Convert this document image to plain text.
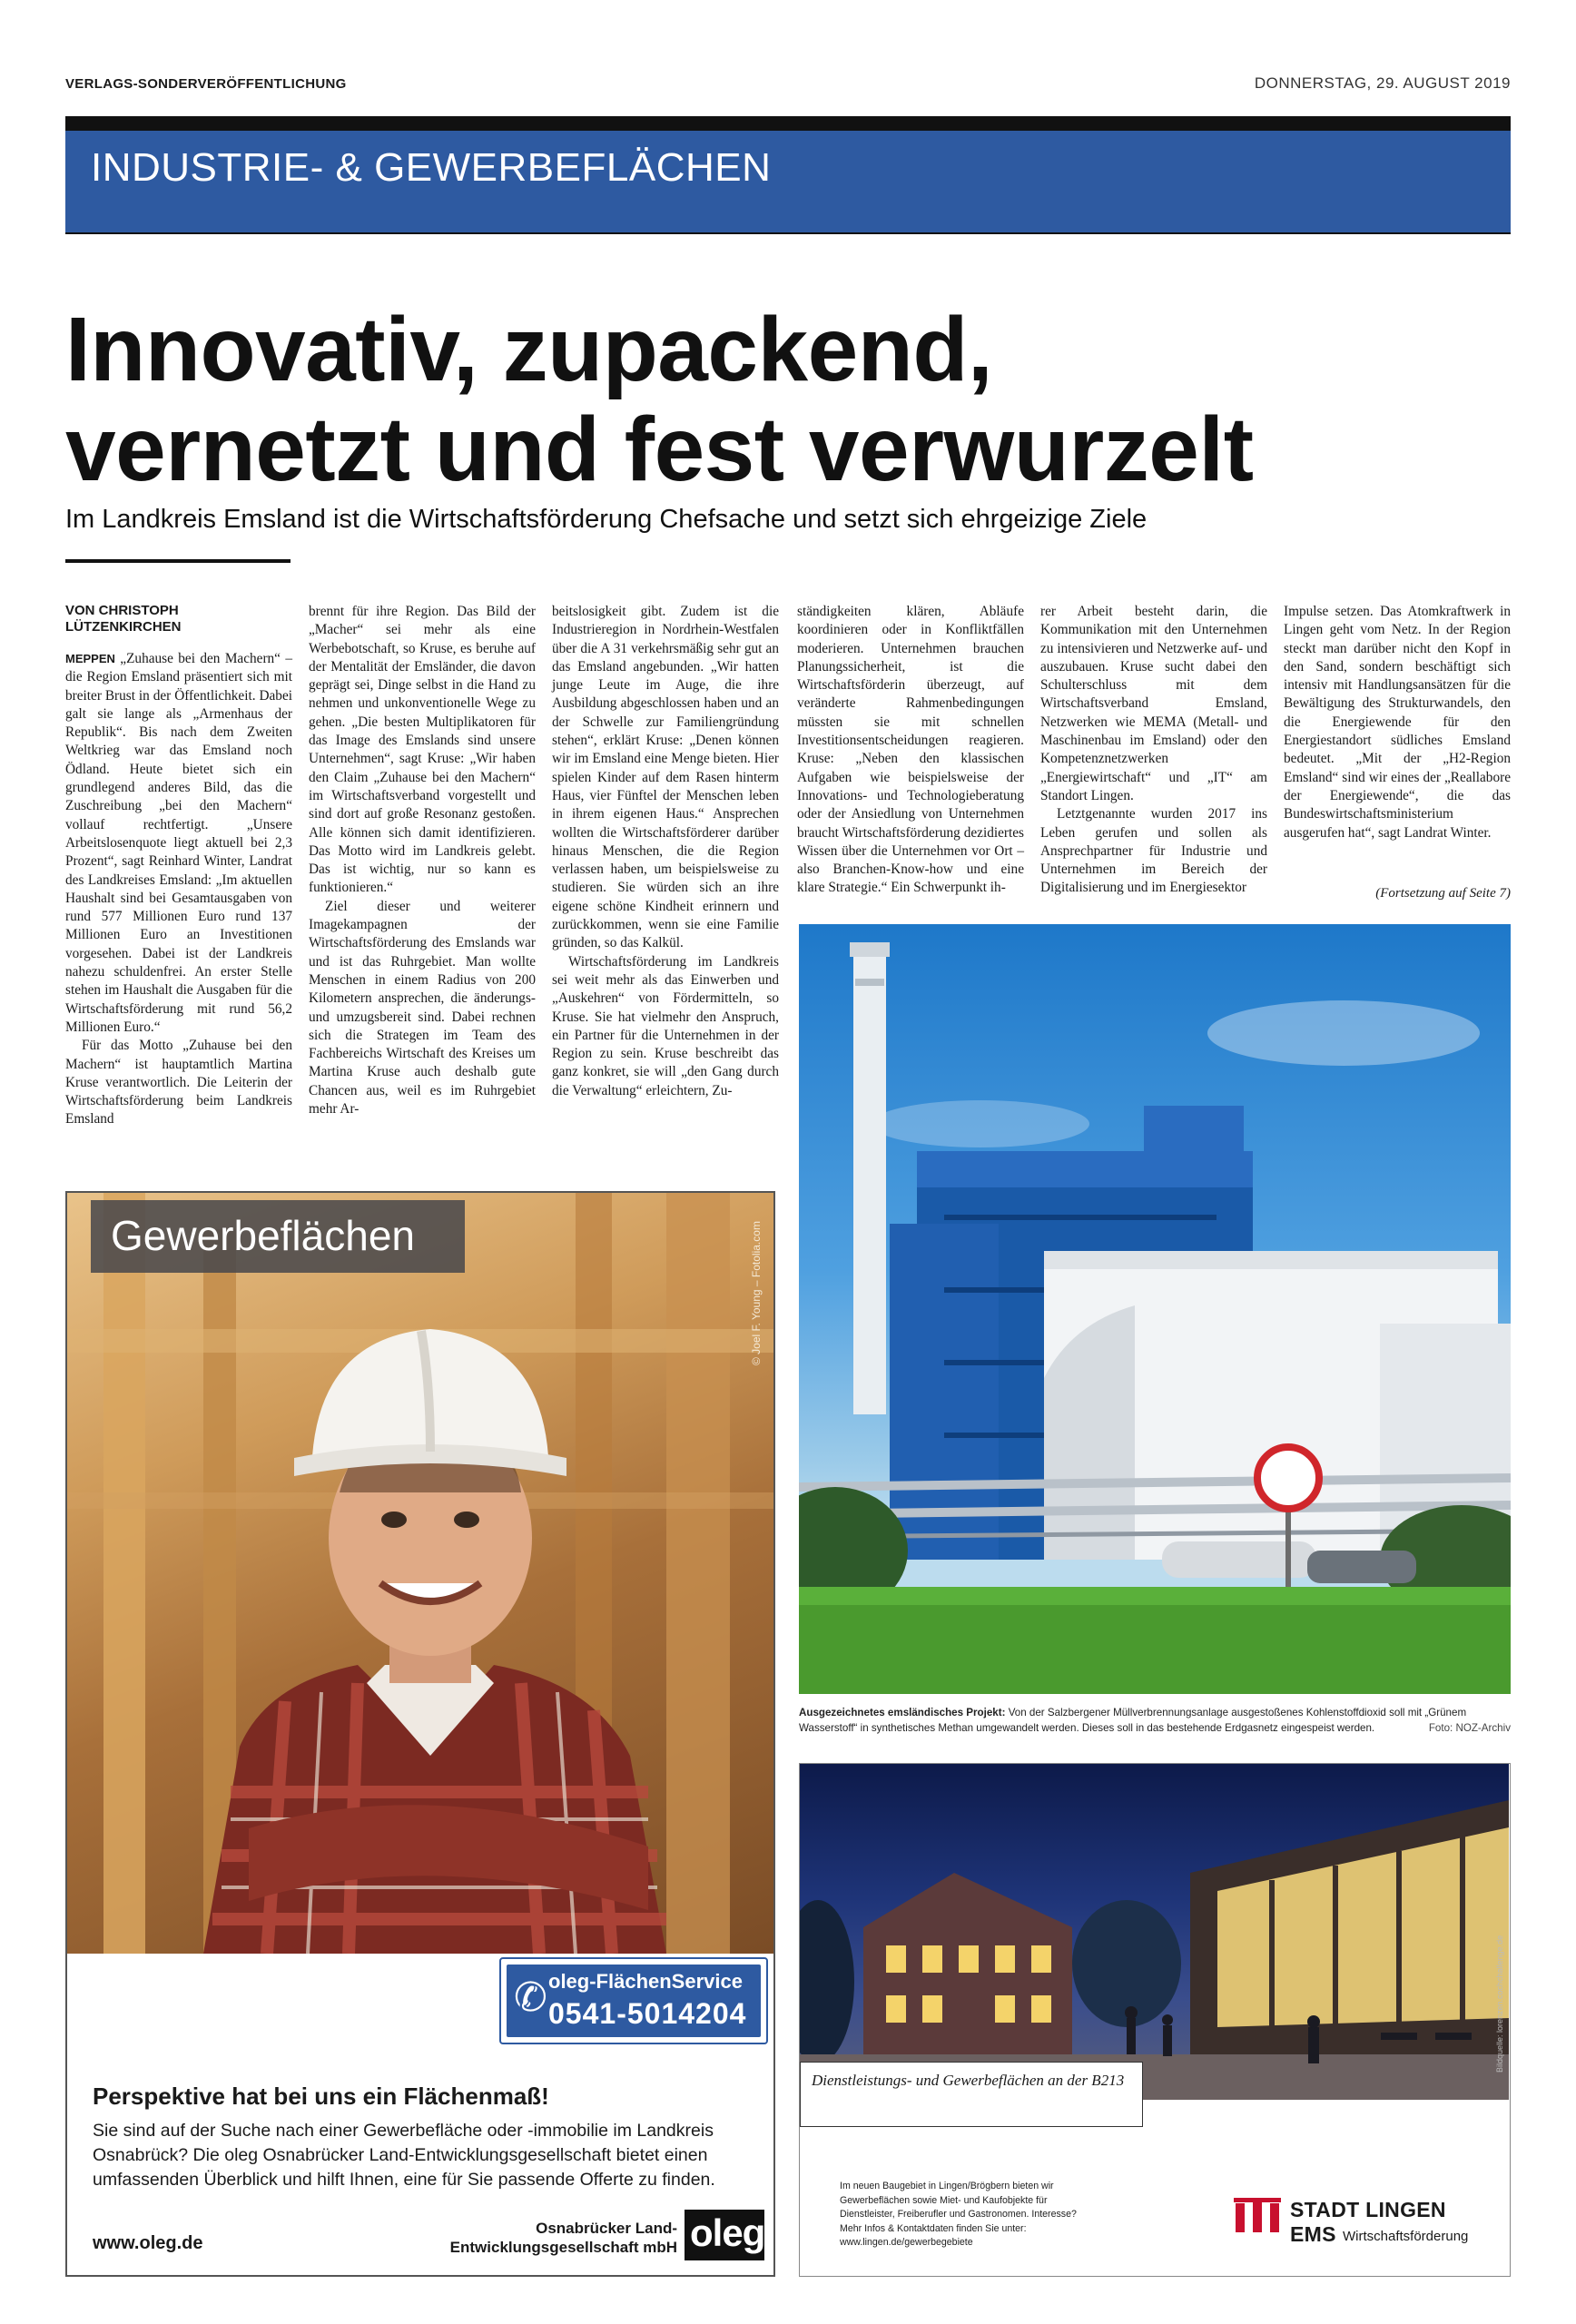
VERLAGS-SONDERVERÖFFENTLICHUNG	DONNERSTAG, 29. AUGUST 2019
INDUSTRIE- & GEWERBEFLÄCHEN
Innovativ, zupackend,
vernetzt und fest verwurzelt
Im Landkreis Emsland ist die Wirtschaftsförderung Chefsache und setzt sich ehrgeizige Ziele
VON CHRISTOPH
LÜTZENKIRCHEN

MEPPEN „Zuhause bei den Machern“ – die Region Emsland präsentiert sich mit breiter Brust in der Öffentlichkeit. Dabei galt sie lange als „Armenhaus der Republik“. Bis nach dem Zweiten Weltkrieg war das Emsland noch Ödland. Heute bietet sich ein grundlegend anderes Bild, das die Zuschreibung „bei den Machern“ vollauf rechtfertigt. „Unsere Arbeitslosenquote liegt aktuell bei 2,3 Prozent“, sagt Reinhard Winter, Landrat des Landkreises Emsland: „Im aktuellen Haushalt sind bei Gesamtausgaben von rund 577 Millionen Euro rund 137 Millionen Euro an Investitionen vorgesehen. Dabei ist der Landkreis nahezu schuldenfrei. An erster Stelle stehen im Haushalt die Ausgaben für die Wirtschaftsförderung mit rund 56,2 Millionen Euro.“

Für das Motto „Zuhause bei den Machern“ ist hauptamtlich Martina Kruse verantwortlich. Die Leiterin der Wirtschaftsförderung beim Landkreis Emsland

brennt für ihre Region. Das Bild der „Macher“ sei mehr als eine Werbebotschaft, so Kruse, es beruhe auf der Mentalität der Emsländer, die davon geprägt sei, Dinge selbst in die Hand zu nehmen und unkonventionelle Wege zu gehen. „Die besten Multiplikatoren für das Image des Emslands sind unsere Unternehmen“, sagt Kruse: „Wir haben den Claim „Zuhause bei den Machern“ im Wirtschaftsverband vorgestellt und sind dort auf große Resonanz gestoßen. Alle können sich damit identifizieren. Das Motto wird im Landkreis gelebt. Das ist wichtig, nur so kann es funktionieren.“

Ziel dieser und weiterer Imagekampagnen der Wirtschaftsförderung des Emslands war und ist das Ruhrgebiet. Man wollte Menschen in einem Radius von 200 Kilometern ansprechen, die änderungs- und umzugsbereit sind. Dabei rechnen sich die Strategen im Team des Fachbereichs Wirtschaft des Kreises um Martina Kruse auch deshalb gute Chancen aus, weil es im Ruhrgebiet mehr Ar-

beitslosigkeit gibt. Zudem ist die Industrieregion in Nordrhein-Westfalen über die A 31 verkehrsmäßig sehr gut an das Emsland angebunden. „Wir hatten junge Leute im Auge, die ihre Ausbildung abgeschlossen haben und an der Schwelle zur Familiengründung stehen“, erklärt Kruse: „Denen können wir im Emsland eine Menge bieten. Hier spielen Kinder auf dem Rasen hinterm Haus, vier Fünftel der Menschen leben in ihrem eigenen Haus.“ Ansprechen wollten die Wirtschaftsförderer darüber hinaus Menschen, die die Region verlassen haben, um beispielsweise zu studieren. Sie würden sich an ihre eigene schöne Kindheit erinnern und zurückkommen, wenn sie eine Familie gründen, so das Kalkül.

Wirtschaftsförderung im Landkreis sei weit mehr als das Einwerben und „Auskehren“ von Fördermitteln, so Kruse. Sie hat vielmehr den Anspruch, ein Partner für die Unternehmen in der Region zu sein. Kruse beschreibt das ganz konkret, sie will „den Gang durch die Verwaltung“ erleichtern, Zu-

ständigkeiten klären, Abläufe koordinieren oder in Konfliktfällen moderieren. Unternehmen brauchen Planungssicherheit, ist die Wirtschaftsförderin überzeugt, auf veränderte Rahmenbedingungen müssten sie mit schnellen Investitionsentscheidungen reagieren. Kruse: „Neben den klassischen Aufgaben wie beispielsweise der Innovations- und Technologieberatung oder der Ansiedlung von Unternehmen braucht Wirtschaftsförderung dezidiertes Wissen über die Unternehmen vor Ort – also Branchen-Know-how und eine klare Strategie.“ Ein Schwerpunkt ih-

rer Arbeit besteht darin, die Kommunikation mit den Unternehmen zu intensivieren und Netzwerke auf- und auszubauen. Kruse sucht dabei den Schulterschluss mit dem Wirtschaftsverband Emsland, Netzwerken wie MEMA (Metall- und Maschinenbau im Emsland) oder den Kompetenznetzwerken „Energiewirtschaft“ und „IT“ am Standort Lingen.

Letztgenannte wurden 2017 ins Leben gerufen und sollen als Ansprechpartner für Industrie und Unternehmen im Bereich der Digitalisierung und im Energiesektor

Impulse setzen. Das Atomkraftwerk in Lingen geht vom Netz. In der Region steckt man darüber nicht den Kopf in den Sand, sondern beschäftigt sich intensiv mit Handlungsansätzen für die Bewältigung des Strukturwandels, den die Energiewende für den Energiestandort südliches Emsland bedeutet. „Mit der „H2-Region Emsland“ sind wir eines der „Reallabore der Energiewende“, die das Bundeswirtschaftsministerium ausgerufen hat“, sagt Landrat Winter.

(Fortsetzung auf Seite 7)
Gewerbeflächen	© Joel F. Young – Fotolia.com
✆ oleg-FlächenService
0541-5014204
Perspektive hat bei uns ein Flächenmaß!
Sie sind auf der Suche nach einer Gewerbefläche oder -immobilie im Landkreis Osnabrück? Die oleg Osnabrücker Land-Entwicklungsgesellschaft bietet einen umfassenden Überblick und hilft Ihnen, eine für Sie passende Offerte zu finden.
www.oleg.de
Osnabrücker Land-
Entwicklungsgesellschaft mbH oleg
Ausgezeichnetes emsländisches Projekt: Von der Salzbergener Müllverbrennungsanlage ausgestoßenes Kohlenstoffdioxid soll mit „Grünem Wasserstoff“ in synthetisches Methan umgewandelt werden. Dieses soll in das bestehende Erdgasnetz eingespeist werden.	Foto: NOZ-Archiv
Bildquelle: lorenzen.cochchallenge.de
Dienstleistungs- und Gewerbeflächen an der B213
Im neuen Baugebiet in Lingen/Brögbern bieten wir
Gewerbeflächen sowie Miet- und Kaufobjekte für
Dienstleister, Freiberufler und Gastronomen. Interesse?
Mehr Infos & Kontaktdaten finden Sie unter:
www.lingen.de/gewerbegebiete
STADT LINGEN EMS Wirtschaftsförderung
